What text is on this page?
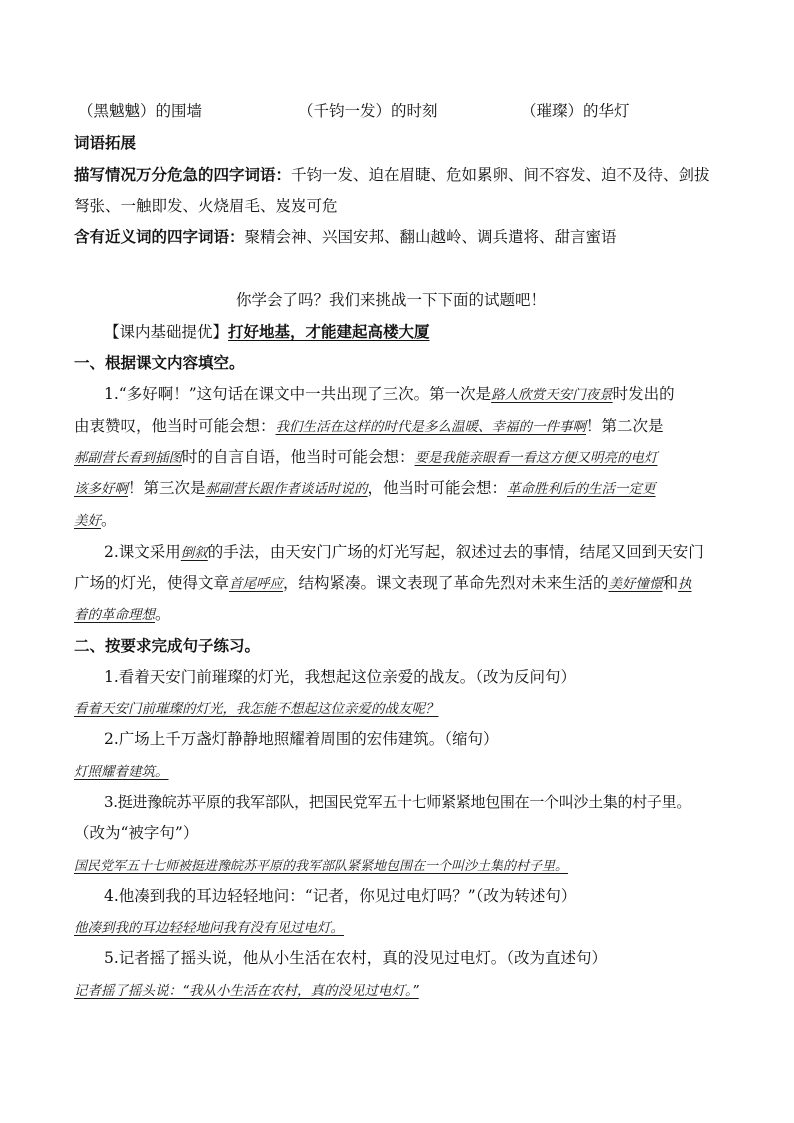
（黑魆魆）的围墙	（千钧一发）的时刻	（璀璨）的华灯
词语拓展
描写情况万分危急的四字词语：千钧一发、迫在眉睫、危如累卵、间不容发、迫不及待、剑拔
弩张、一触即发、火烧眉毛、岌岌可危
含有近义词的四字词语：聚精会神、兴国安邦、翻山越岭、调兵遣将、甜言蜜语
你学会了吗？我们来挑战一下下面的试题吧！
【课内基础提优】打好地基，才能建起高楼大厦
一、根据课文内容填空。
1.“多好啊！”这句话在课文中一共出现了三次。第一次是路人欣赏天安门夜景时发出的
由衷赞叹，他当时可能会想：我们生活在这样的时代是多么温暖、幸福的一件事啊！第二次是
郝副营长看到插图时的自言自语，他当时可能会想：要是我能亲眼看一看这方便又明亮的电灯
该多好啊！第三次是郝副营长跟作者谈话时说的，他当时可能会想：革命胜利后的生活一定更
美好。
2.课文采用倒叙的手法，由天安门广场的灯光写起，叙述过去的事情，结尾又回到天安门
广场的灯光，使得文章首尾呼应，结构紧凑。课文表现了革命先烈对未来生活的美好憧憬和执
着的革命理想。
二、按要求完成句子练习。
1.看着天安门前璀璨的灯光，我想起这位亲爱的战友。（改为反问句）
看着天安门前璀璨的灯光，我怎能不想起这位亲爱的战友呢？
2.广场上千万盏灯静静地照耀着周围的宏伟建筑。（缩句）
灯照耀着建筑。
3.挺进豫皖苏平原的我军部队，把国民党军五十七师紧紧地包围在一个叫沙土集的村子里。
（改为“被字句”）
国民党军五十七师被挺进豫皖苏平原的我军部队紧紧地包围在一个叫沙土集的村子里。
4.他凑到我的耳边轻轻地问：“记者，你见过电灯吗？”（改为转述句）
他凑到我的耳边轻轻地问我有没有见过电灯。
5.记者摇了摇头说，他从小生活在农村，真的没见过电灯。（改为直述句）
记者摇了摇头说：“我从小生活在农村，真的没见过电灯。”
